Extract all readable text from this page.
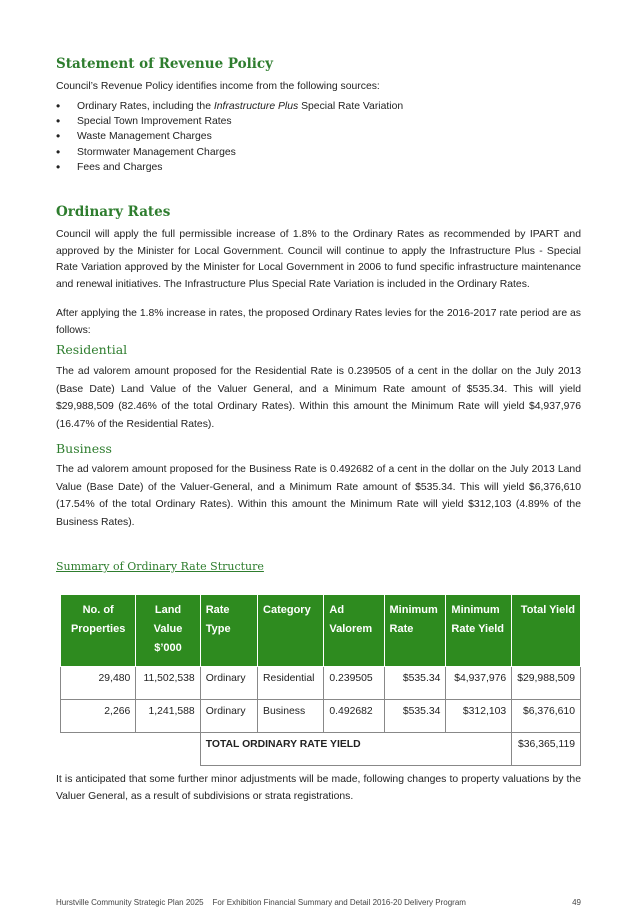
Statement of Revenue Policy

Council’s Revenue Policy identifies income from the following sources:

• Ordinary Rates, including the Infrastructure Plus Special Rate Variation
• Special Town Improvement Rates
• Waste Management Charges
• Stormwater Management Charges
• Fees and Charges
Ordinary Rates

Council will apply the full permissible increase of 1.8% to the Ordinary Rates as recommended by IPART and approved by the Minister for Local Government. Council will continue to apply the Infrastructure Plus - Special Rate Variation approved by the Minister for Local Government in 2006 to fund specific infrastructure maintenance and renewal initiatives. The Infrastructure Plus Special Rate Variation is included in the Ordinary Rates.

After applying the 1.8% increase in rates, the proposed Ordinary Rates levies for the 2016-2017 rate period are as follows:

Residential

The ad valorem amount proposed for the Residential Rate is 0.239505 of a cent in the dollar on the July 2013 (Base Date) Land Value of the Valuer General, and a Minimum Rate amount of $535.34. This will yield $29,988,509 (82.46% of the total Ordinary Rates). Within this amount the Minimum Rate will yield $4,937,976 (16.47% of the Residential Rates).

Business

The ad valorem amount proposed for the Business Rate is 0.492682 of a cent in the dollar on the July 2013 Land Value (Base Date) of the Valuer-General, and a Minimum Rate amount of $535.34. This will yield $6,376,610 (17.54% of the total Ordinary Rates). Within this amount the Minimum Rate will yield $312,103 (4.89% of the Business Rates).

Summary of Ordinary Rate Structure
No. of Properties	Land Value $’000	Rate Type	Category	Ad Valorem	Minimum Rate	Minimum Rate Yield	Total Yield
29,480	11,502,538	Ordinary	Residential	0.239505	$535.34	$4,937,976	$29,988,509
2,266	1,241,588	Ordinary	Business	0.492682	$535.34	$312,103	$6,376,610
		TOTAL ORDINARY RATE YIELD					$36,365,119

It is anticipated that some further minor adjustments will be made, following changes to property valuations by the Valuer General, as a result of subdivisions or strata registrations.

Hurstville Community Strategic Plan 2025    For Exhibition Financial Summary and Detail 2016-20 Delivery Program	49
